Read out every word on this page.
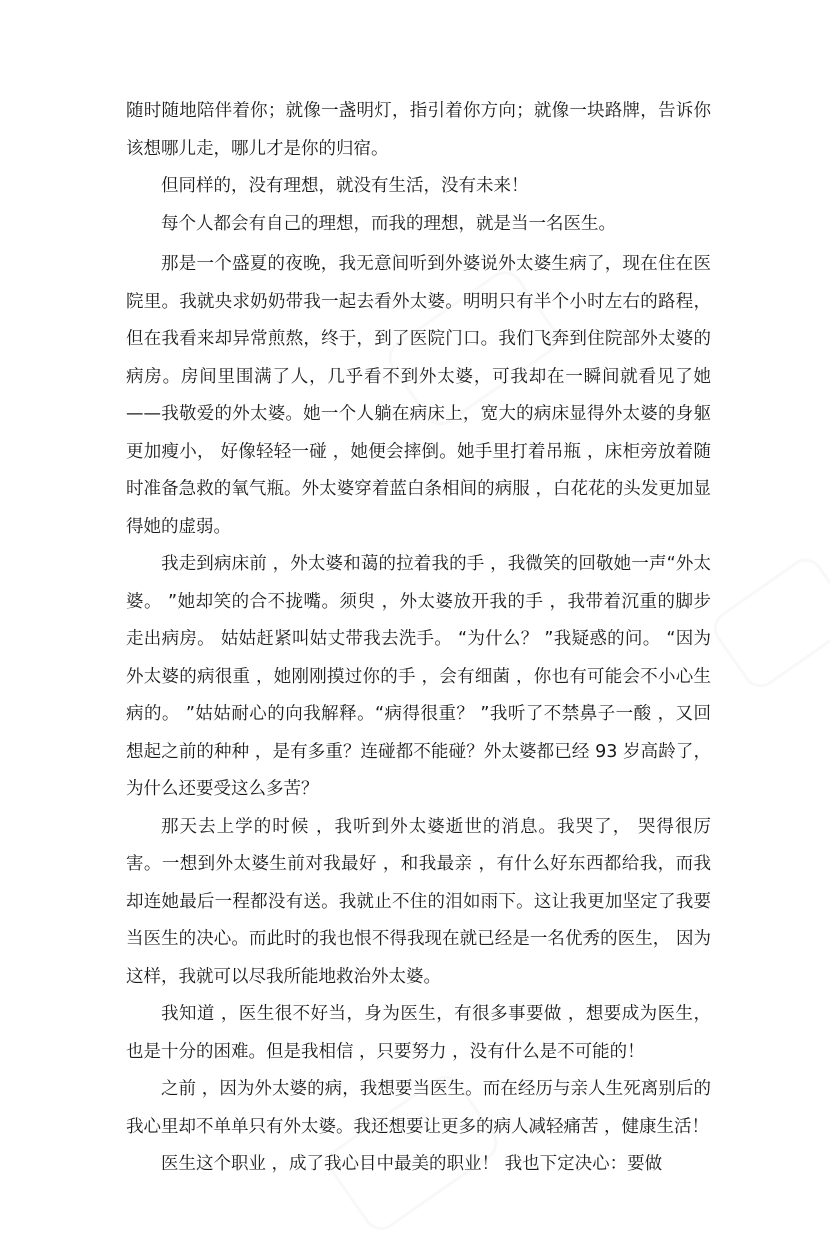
随时随地陪伴着你；就像一盏明灯，指引着你方向；就像一块路牌，告诉你该想哪儿走，哪儿才是你的归宿。

但同样的，没有理想，就没有生活，没有未来！

每个人都会有自己的理想，而我的理想，就是当一名医生。

那是一个盛夏的夜晚，我无意间听到外婆说外太婆生病了，现在住在医院里。我就央求奶奶带我一起去看外太婆。明明只有半个小时左右的路程，但在我看来却异常煎熬，终于，到了医院门口。我们飞奔到住院部外太婆的病房。房间里围满了人，几乎看不到外太婆，可我却在一瞬间就看见了她——我敬爱的外太婆。她一个人躺在病床上，宽大的病床显得外太婆的身躯更加瘦小， 好像轻轻一碰 ，她便会摔倒。她手里打着吊瓶 ，床柜旁放着随时准备急救的氧气瓶。外太婆穿着蓝白条相间的病服 ，白花花的头发更加显得她的虚弱。

我走到病床前 ，外太婆和蔼的拉着我的手 ，我微笑的回敬她一声“外太婆。 ”她却笑的合不拢嘴。须臾 ，外太婆放开我的手 ，我带着沉重的脚步走出病房。 姑姑赶紧叫姑丈带我去洗手。 “为什么？ ”我疑惑的问。 “因为外太婆的病很重 ，她刚刚摸过你的手 ，会有细菌 ，你也有可能会不小心生病的。 ”姑姑耐心的向我解释。“病得很重？ ”我听了不禁鼻子一酸 ，又回想起之前的种种 ，是有多重？连碰都不能碰？外太婆都已经 93 岁高龄了， 为什么还要受这么多苦？

那天去上学的时候 ，我听到外太婆逝世的消息。我哭了， 哭得很厉害。一想到外太婆生前对我最好 ，和我最亲 ，有什么好东西都给我，而我却连她最后一程都没有送。我就止不住的泪如雨下。这让我更加坚定了我要当医生的决心。而此时的我也恨不得我现在就已经是一名优秀的医生， 因为这样，我就可以尽我所能地救治外太婆。

我知道 ，医生很不好当，身为医生，有很多事要做 ，想要成为医生， 也是十分的困难。但是我相信 ，只要努力 ，没有什么是不可能的！

之前 ，因为外太婆的病，我想要当医生。而在经历与亲人生死离别后的我心里却不单单只有外太婆。我还想要让更多的病人减轻痛苦 ，健康生活！

医生这个职业 ，成了我心目中最美的职业！ 我也下定决心：要做
